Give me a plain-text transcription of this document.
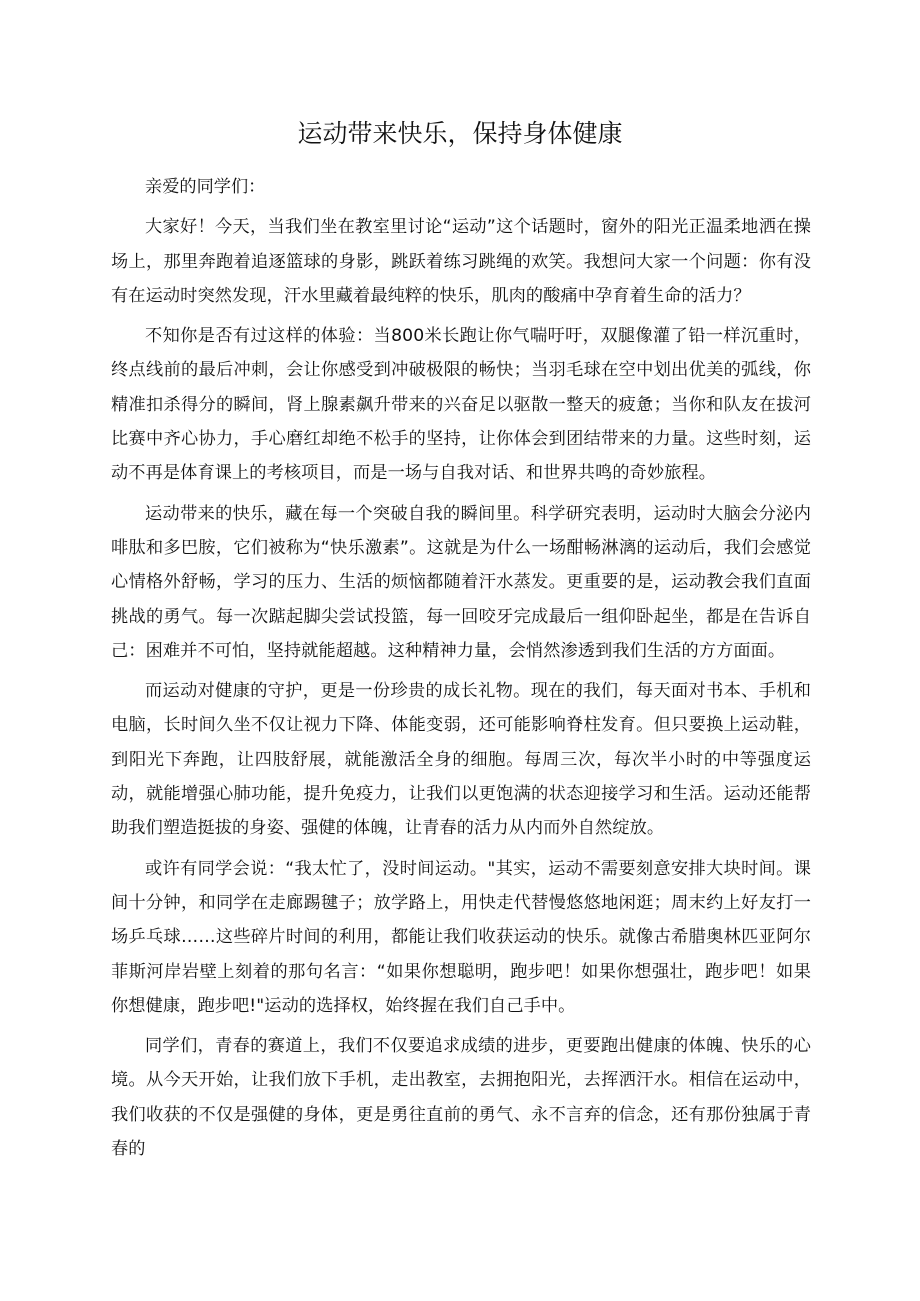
运动带来快乐，保持身体健康

亲爱的同学们：

大家好！今天，当我们坐在教室里讨论“运动”这个话题时，窗外的阳光正温柔地洒在操场上，那里奔跑着追逐篮球的身影，跳跃着练习跳绳的欢笑。我想问大家一个问题：你有没有在运动时突然发现，汗水里藏着最纯粹的快乐，肌肉的酸痛中孕育着生命的活力？

不知你是否有过这样的体验：当800米长跑让你气喘吁吁，双腿像灌了铅一样沉重时，终点线前的最后冲刺，会让你感受到冲破极限的畅快；当羽毛球在空中划出优美的弧线，你精准扣杀得分的瞬间，肾上腺素飙升带来的兴奋足以驱散一整天的疲惫；当你和队友在拔河比赛中齐心协力，手心磨红却绝不松手的坚持，让你体会到团结带来的力量。这些时刻，运动不再是体育课上的考核项目，而是一场与自我对话、和世界共鸣的奇妙旅程。

运动带来的快乐，藏在每一个突破自我的瞬间里。科学研究表明，运动时大脑会分泌内啡肽和多巴胺，它们被称为“快乐激素”。这就是为什么一场酣畅淋漓的运动后，我们会感觉心情格外舒畅，学习的压力、生活的烦恼都随着汗水蒸发。更重要的是，运动教会我们直面挑战的勇气。每一次踮起脚尖尝试投篮，每一回咬牙完成最后一组仰卧起坐，都是在告诉自己：困难并不可怕，坚持就能超越。这种精神力量，会悄然渗透到我们生活的方方面面。

而运动对健康的守护，更是一份珍贵的成长礼物。现在的我们，每天面对书本、手机和电脑，长时间久坐不仅让视力下降、体能变弱，还可能影响脊柱发育。但只要换上运动鞋，到阳光下奔跑，让四肢舒展，就能激活全身的细胞。每周三次，每次半小时的中等强度运动，就能增强心肺功能，提升免疫力，让我们以更饱满的状态迎接学习和生活。运动还能帮助我们塑造挺拔的身姿、强健的体魄，让青春的活力从内而外自然绽放。

或许有同学会说：“我太忙了，没时间运动。"其实，运动不需要刻意安排大块时间。课间十分钟，和同学在走廊踢毽子；放学路上，用快走代替慢悠悠地闲逛；周末约上好友打一场乒乓球……这些碎片时间的利用，都能让我们收获运动的快乐。就像古希腊奥林匹亚阿尔菲斯河岸岩壁上刻着的那句名言：“如果你想聪明，跑步吧！如果你想强壮，跑步吧！如果你想健康，跑步吧!"运动的选择权，始终握在我们自己手中。

同学们，青春的赛道上，我们不仅要追求成绩的进步，更要跑出健康的体魄、快乐的心境。从今天开始，让我们放下手机，走出教室，去拥抱阳光，去挥洒汗水。相信在运动中，我们收获的不仅是强健的身体，更是勇往直前的勇气、永不言弃的信念，还有那份独属于青春的
